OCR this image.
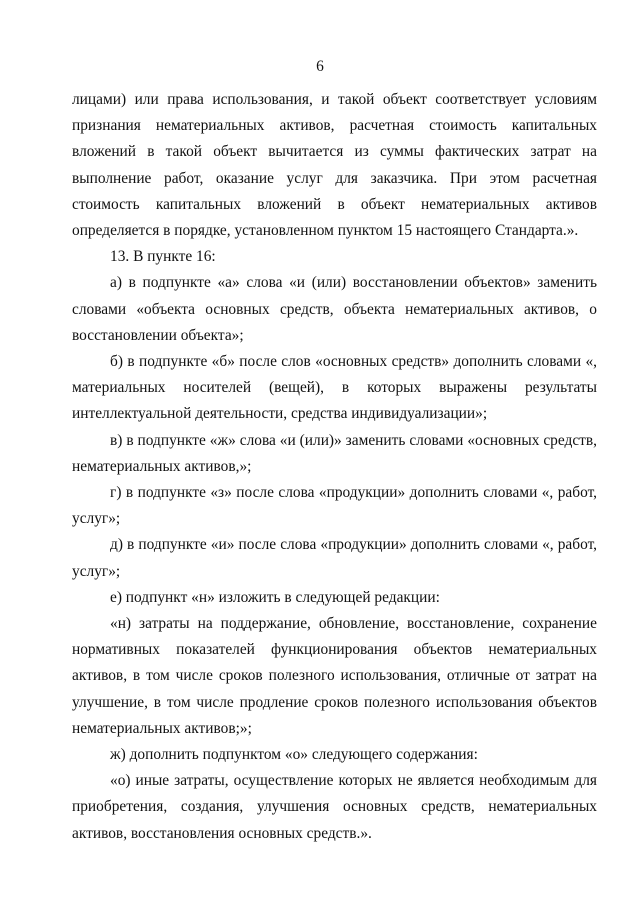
6

лицами) или права использования, и такой объект соответствует условиям признания нематериальных активов, расчетная стоимость капитальных вложений в такой объект вычитается из суммы фактических затрат на выполнение работ, оказание услуг для заказчика. При этом расчетная стоимость капитальных вложений в объект нематериальных активов определяется в порядке, установленном пунктом 15 настоящего Стандарта.».

13. В пункте 16:

а) в подпункте «а» слова «и (или) восстановлении объектов» заменить словами «объекта основных средств, объекта нематериальных активов, о восстановлении объекта»;

б) в подпункте «б» после слов «основных средств» дополнить словами «, материальных носителей (вещей), в которых выражены результаты интеллектуальной деятельности, средства индивидуализации»;

в) в подпункте «ж» слова «и (или)» заменить словами «основных средств, нематериальных активов,»;

г) в подпункте «з» после слова «продукции» дополнить словами «, работ, услуг»;

д) в подпункте «и» после слова «продукции» дополнить словами «, работ, услуг»;

е) подпункт «н» изложить в следующей редакции:

«н) затраты на поддержание, обновление, восстановление, сохранение нормативных показателей функционирования объектов нематериальных активов, в том числе сроков полезного использования, отличные от затрат на улучшение, в том числе продление сроков полезного использования объектов нематериальных активов;»;

ж) дополнить подпунктом «о» следующего содержания:

«о) иные затраты, осуществление которых не является необходимым для приобретения, создания, улучшения основных средств, нематериальных активов, восстановления основных средств.».
